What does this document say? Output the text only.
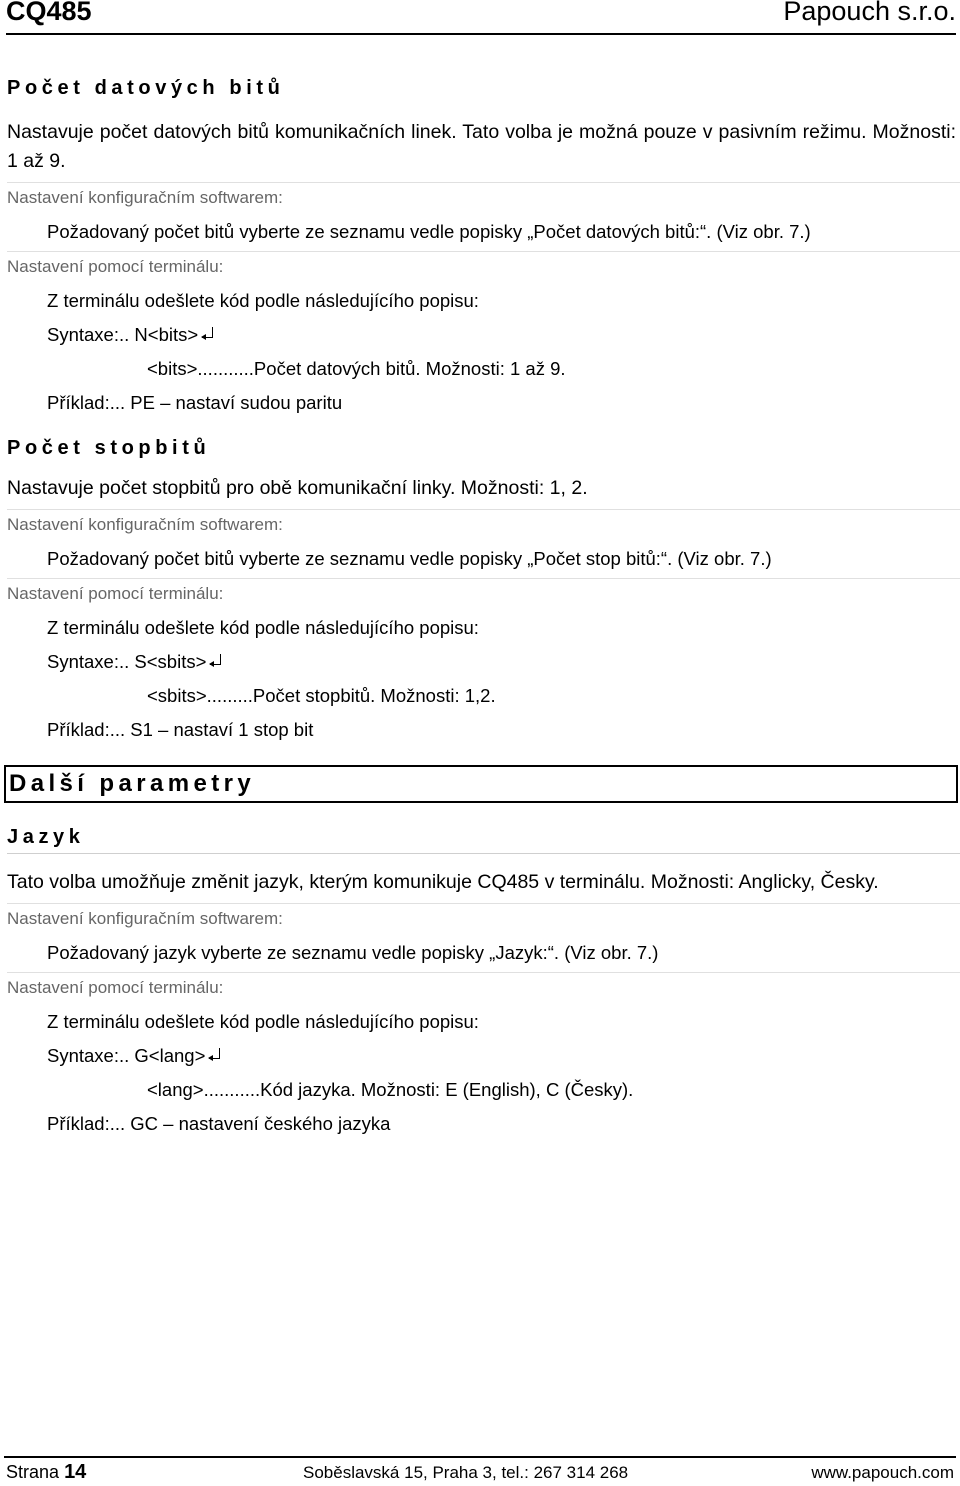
CQ485	Papouch s.r.o.
Počet datových bitů
Nastavuje počet datových bitů komunikačních linek. Tato volba je možná pouze v pasivním režimu. Možnosti: 1 až 9.
Nastavení konfiguračním softwarem:
Požadovaný počet bitů vyberte ze seznamu vedle popisky „Počet datových bitů:“. (Viz obr. 7.)
Nastavení pomocí terminálu:
Z terminálu odešlete kód podle následujícího popisu:
Syntaxe:.. N<bits>
<bits>...........Počet datových bitů. Možnosti: 1 až 9.
Příklad:... PE – nastaví sudou paritu
Počet stopbitů
Nastavuje počet stopbitů pro obě komunikační linky. Možnosti: 1, 2.
Nastavení konfiguračním softwarem:
Požadovaný počet bitů vyberte ze seznamu vedle popisky „Počet stop bitů:“. (Viz obr. 7.)
Nastavení pomocí terminálu:
Z terminálu odešlete kód podle následujícího popisu:
Syntaxe:.. S<sbits>
<sbits>.........Počet stopbitů. Možnosti: 1,2.
Příklad:... S1 – nastaví 1 stop bit
Další parametry
Jazyk
Tato volba umožňuje změnit jazyk, kterým komunikuje CQ485 v terminálu. Možnosti: Anglicky, Česky.
Nastavení konfiguračním softwarem:
Požadovaný jazyk vyberte ze seznamu vedle popisky „Jazyk:“. (Viz obr. 7.)
Nastavení pomocí terminálu:
Z terminálu odešlete kód podle následujícího popisu:
Syntaxe:.. G<lang>
<lang>...........Kód jazyka. Možnosti: E (English), C (Česky).
Příklad:... GC – nastavení českého jazyka
Strana 14	Soběslavská 15, Praha 3, tel.: 267 314 268	www.papouch.com
